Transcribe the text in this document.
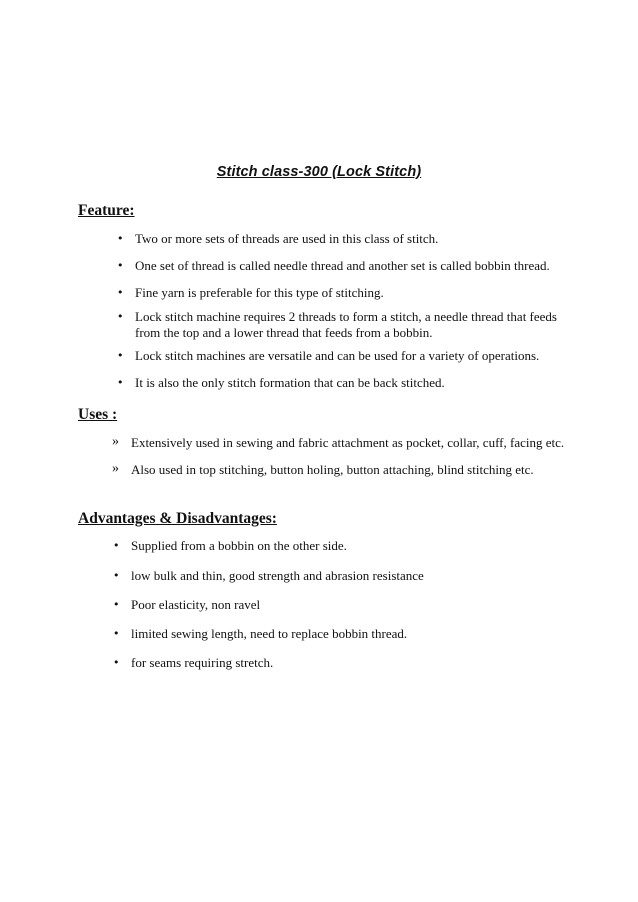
Stitch class-300 (Lock Stitch)
Feature:
• Two or more sets of threads are used in this class of stitch.
• One set of thread is called needle thread and another set is called bobbin thread.
• Fine yarn is preferable for this type of stitching.
• Lock stitch machine requires 2 threads to form a stitch, a needle thread that feeds from the top and a lower thread that feeds from a bobbin.
• Lock stitch machines are versatile and can be used for a variety of operations.
• It is also the only stitch formation that can be back stitched.
Uses :
» Extensively used in sewing and fabric attachment as pocket, collar, cuff, facing etc.
» Also used in top stitching, button holing, button attaching, blind stitching etc.
Advantages & Disadvantages:
• Supplied from a bobbin on the other side.
• low bulk and thin, good strength and abrasion resistance
• Poor elasticity, non ravel
• limited sewing length, need to replace bobbin thread.
• for seams requiring stretch.
